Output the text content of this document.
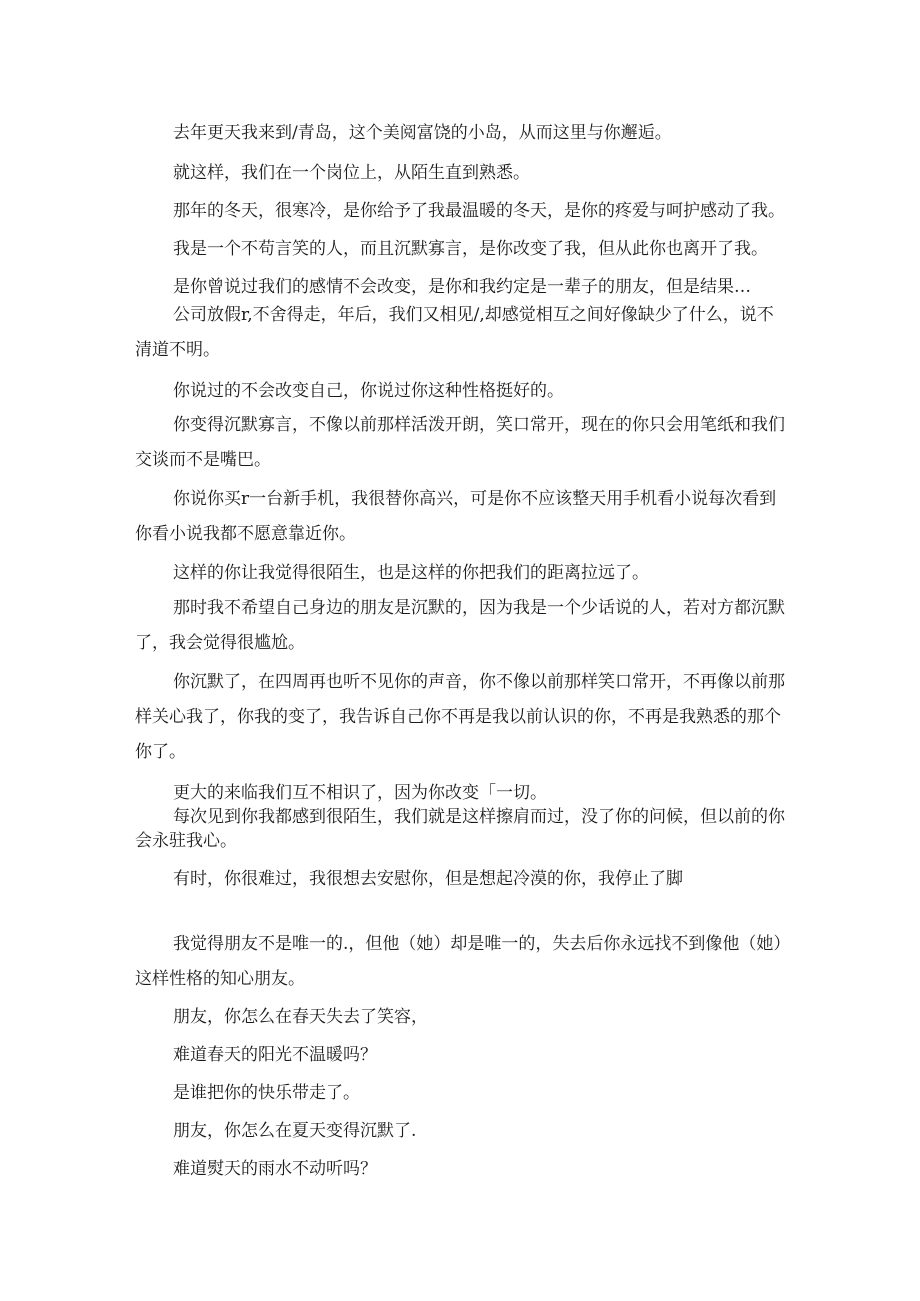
去年更天我来到/青岛，这个美阅富饶的小岛，从而这里与你邂逅。

就这样，我们在一个岗位上，从陌生直到熟悉。

那年的冬天，很寒冷，是你给予了我最温暖的冬天，是你的疼爱与呵护感动了我。

我是一个不苟言笑的人，而且沉默寡言，是你改变了我，但从此你也离开了我。

是你曾说过我们的感情不会改变，是你和我约定是一辈子的朋友，但是结果…

公司放假r,不舍得走，年后，我们又相见/,却感觉相互之间好像缺少了什么，说不清道不明。

你说过的不会改变自己，你说过你这种性格挺好的。

你变得沉默寡言，不像以前那样活泼开朗，笑口常开，现在的你只会用笔纸和我们交谈而不是嘴巴。

你说你买r一台新手机，我很替你高兴，可是你不应该整天用手机看小说每次看到你看小说我都不愿意靠近你。

这样的你让我觉得很陌生，也是这样的你把我们的距离拉远了。

那时我不希望自己身边的朋友是沉默的，因为我是一个少话说的人，若对方都沉默了，我会觉得很尴尬。

你沉默了，在四周再也听不见你的声音，你不像以前那样笑口常开，不再像以前那样关心我了，你我的变了，我告诉自己你不再是我以前认识的你，不再是我熟悉的那个你了。

更大的来临我们互不相识了，因为你改变「一切。

每次见到你我都感到很陌生，我们就是这样擦肩而过，没了你的问候，但以前的你会永驻我心。

有时，你很难过，我很想去安慰你，但是想起冷漠的你，我停止了脚

我觉得朋友不是唯一的.，但他（她）却是唯一的，失去后你永远找不到像他（她）这样性格的知心朋友。

朋友，你怎么在春天失去了笑容，

难道春天的阳光不温暖吗？

是谁把你的快乐带走了。

朋友，你怎么在夏天变得沉默了.

难道熨天的雨水不动听吗？
